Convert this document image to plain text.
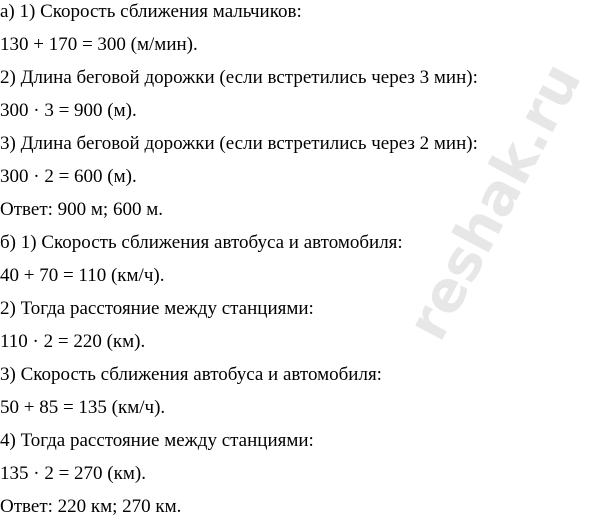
а) 1) Скорость сближения мальчиков:
130 + 170 = 300 (м/мин).
2) Длина беговой дорожки (если встретились через 3 мин):
300 · 3 = 900 (м).
3) Длина беговой дорожки (если встретились через 2 мин):
300 · 2 = 600 (м).
Ответ: 900 м; 600 м.
б) 1) Скорость сближения автобуса и автомобиля:
40 + 70 = 110 (км/ч).
2) Тогда расстояние между станциями:
110 · 2 = 220 (км).
3) Скорость сближения автобуса и автомобиля:
50 + 85 = 135 (км/ч).
4) Тогда расстояние между станциями:
135 · 2 = 270 (км).
Ответ: 220 км; 270 км.
reshak.ru
